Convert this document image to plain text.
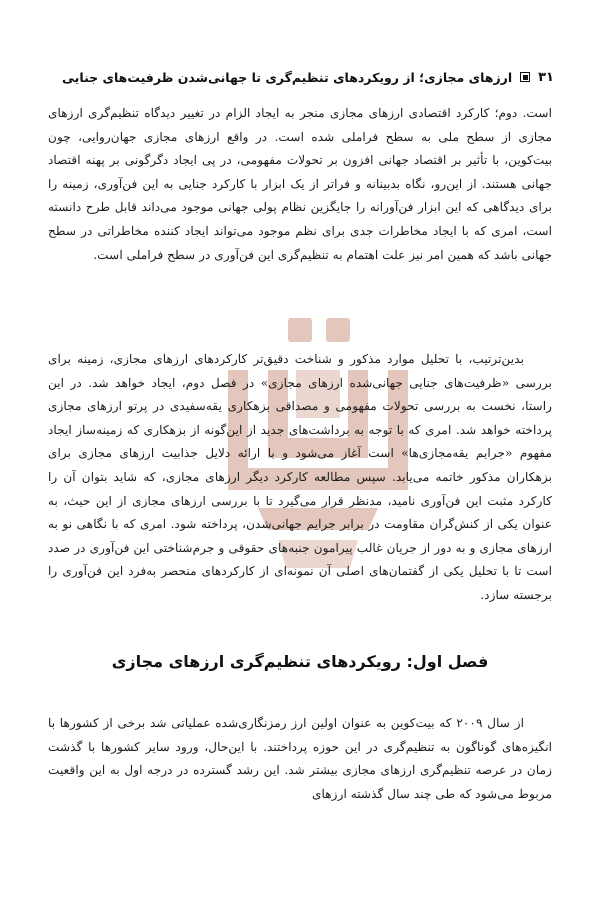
۳۱
ارزهای مجازی؛ از رویکردهای تنظیم‌گری تا جهانی‌شدن ظرفیت‌های جنایی

است. دوم؛ کارکرد اقتصادی ارزهای مجازی منجر به ایجاد الزام در تغییر دیدگاه تنظیم‌گری ارزهای مجازی از سطح ملی به سطح فراملی شده است. در واقع ارزهای مجازی جهان‌روایی، چون بیت‌کوین، با تأثیر بر اقتصاد جهانی افزون بر تحولات مفهومی، در پی ایجاد دگرگونی بر پهنه اقتصاد جهانی هستند. از این‌رو، نگاه بدبینانه و فراتر از یک ابزار با کارکرد جنایی به این فن‌آوری، زمینه را برای دیدگاهی که این ابزار فن‌آورانه را جایگزین نظام پولی جهانی موجود می‌داند قابل طرح دانسته است، امری که با ایجاد مخاطرات جدی برای نظم موجود می‌تواند ایجاد کننده مخاطراتی در سطح جهانی باشد که همین امر نیز علت اهتمام به تنظیم‌گری این فن‌آوری در سطح فراملی است.

بدین‌ترتیب، با تحلیل موارد مذکور و شناخت دقیق‌تر کارکردهای ارزهای مجازی، زمینه برای بررسی «ظرفیت‌های جنایی جهانی‌شده ارزهای مجازی» در فصل دوم، ایجاد خواهد شد. در این راستا، نخست به بررسی تحولات مفهومی و مصداقی بزهکاری یقه‌سفیدی در پرتو ارزهای مجازی پرداخته خواهد شد. امری که با توجه به برداشت‌های جدید از این‌گونه از بزهکاری که زمینه‌ساز ایجاد مفهوم «جرایم یقه‌مجازی‌ها» است آغاز می‌شود و با ارائه دلایل جذابیت ارزهای مجازی برای بزهکاران مذکور خاتمه می‌یابد. سپس مطالعه کارکرد دیگر ارزهای مجازی، که شاید بتوان آن را کارکرد مثبت این فن‌آوری نامید، مدنظر قرار می‌گیرد تا با بررسی ارزهای مجازی از این حیث، به عنوان یکی از کنش‌گران مقاومت در برابر جرایم جهانی‌شدن، پرداخته شود. امری که با نگاهی نو به ارزهای مجازی و به دور از جریان غالب پیرامون جنبه‌های حقوقی و جرم‌شناختی این فن‌آوری در صدد است تا با تحلیل یکی از گفتمان‌های اصلی آن نمونه‌ای از کارکردهای منحصر به‌فرد این فن‌آوری را برجسته سازد.

فصل اول: رویکردهای تنظیم‌گری ارزهای مجازی

از سال ۲۰۰۹ که بیت‌کوین به عنوان اولین ارز رمزنگاری‌شده عملیاتی شد برخی از کشورها با انگیزه‌های گوناگون به تنظیم‌گری در این حوزه پرداختند. با این‌حال، ورود سایر کشورها با گذشت زمان در عرصه تنظیم‌گری ارزهای مجازی بیشتر شد. این رشد گسترده در درجه اول به این واقعیت مربوط می‌شود که طی چند سال گذشته ارزهای
